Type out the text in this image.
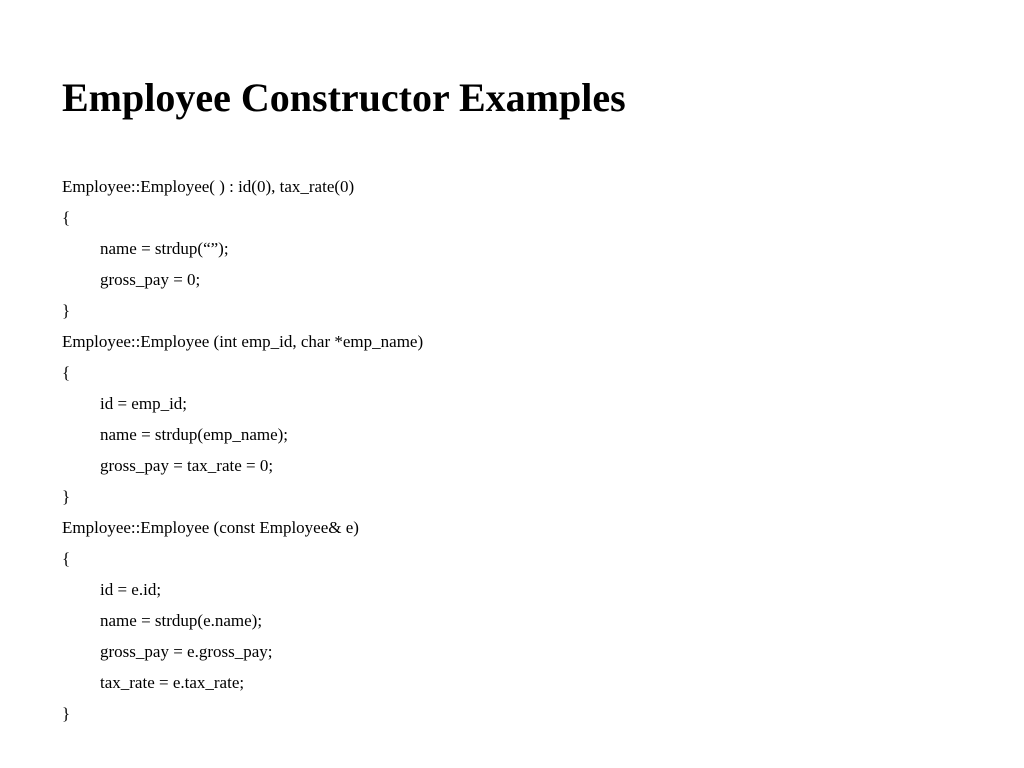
Employee Constructor Examples
Employee::Employee( ) : id(0), tax_rate(0)
{
name = strdup(“”);
gross_pay = 0;
}
Employee::Employee (int emp_id, char *emp_name)
{
id = emp_id;
name = strdup(emp_name);
gross_pay = tax_rate = 0;
}
Employee::Employee (const Employee& e)
{
id = e.id;
name = strdup(e.name);
gross_pay = e.gross_pay;
tax_rate = e.tax_rate;
}
